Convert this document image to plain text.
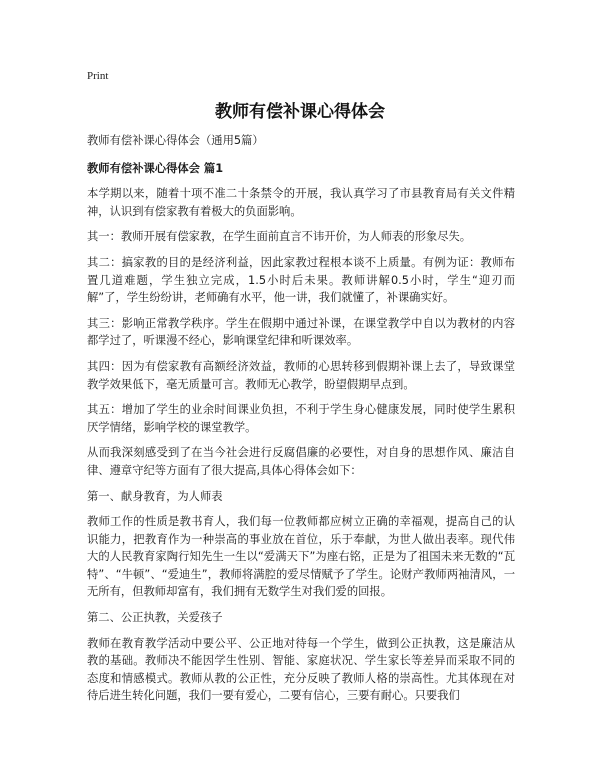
Print
教师有偿补课心得体会

教师有偿补课心得体会（通用5篇）

教师有偿补课心得体会 篇1

本学期以来，随着十项不准二十条禁令的开展，我认真学习了市县教育局有关文件精神，认识到有偿家教有着极大的负面影响。

其一：教师开展有偿家教，在学生面前直言不讳开价，为人师表的形象尽失。

其二：搞家教的目的是经济利益，因此家教过程根本谈不上质量。有例为证：教师布置几道难题，学生独立完成，1.5小时后未果。教师讲解0.5小时，学生“迎刃而解”了，学生纷纷讲，老师确有水平，他一讲，我们就懂了，补课确实好。

其三：影响正常教学秩序。学生在假期中通过补课，在课堂教学中自以为教材的内容都学过了，听课漫不经心，影响课堂纪律和听课效率。

其四：因为有偿家教有高额经济效益，教师的心思转移到假期补课上去了，导致课堂教学效果低下，毫无质量可言。教师无心教学，盼望假期早点到。

其五：增加了学生的业余时间课业负担，不利于学生身心健康发展，同时使学生累积厌学情绪，影响学校的课堂教学。

从而我深刻感受到了在当今社会进行反腐倡廉的必要性，对自身的思想作风、廉洁自律、遵章守纪等方面有了很大提高,具体心得体会如下：

第一、献身教育，为人师表

教师工作的性质是教书育人，我们每一位教师都应树立正确的幸福观，提高自己的认识能力，把教育作为一种崇高的事业放在首位，乐于奉献，为世人做出表率。现代伟大的人民教育家陶行知先生一生以“爱满天下”为座右铭，正是为了祖国未来无数的“瓦特”、“牛顿”、“爱迪生”，教师将满腔的爱尽情赋予了学生。论财产教师两袖清风，一无所有，但教师却富有，我们拥有无数学生对我们爱的回报。

第二、公正执教，关爱孩子

教师在教育教学活动中要公平、公正地对待每一个学生，做到公正执教，这是廉洁从教的基础。教师决不能因学生性别、智能、家庭状况、学生家长等差异而采取不同的态度和情感模式。教师从教的公正性，充分反映了教师人格的崇高性。尤其体现在对待后进生转化问题，我们一要有爱心，二要有信心，三要有耐心。只要我们
